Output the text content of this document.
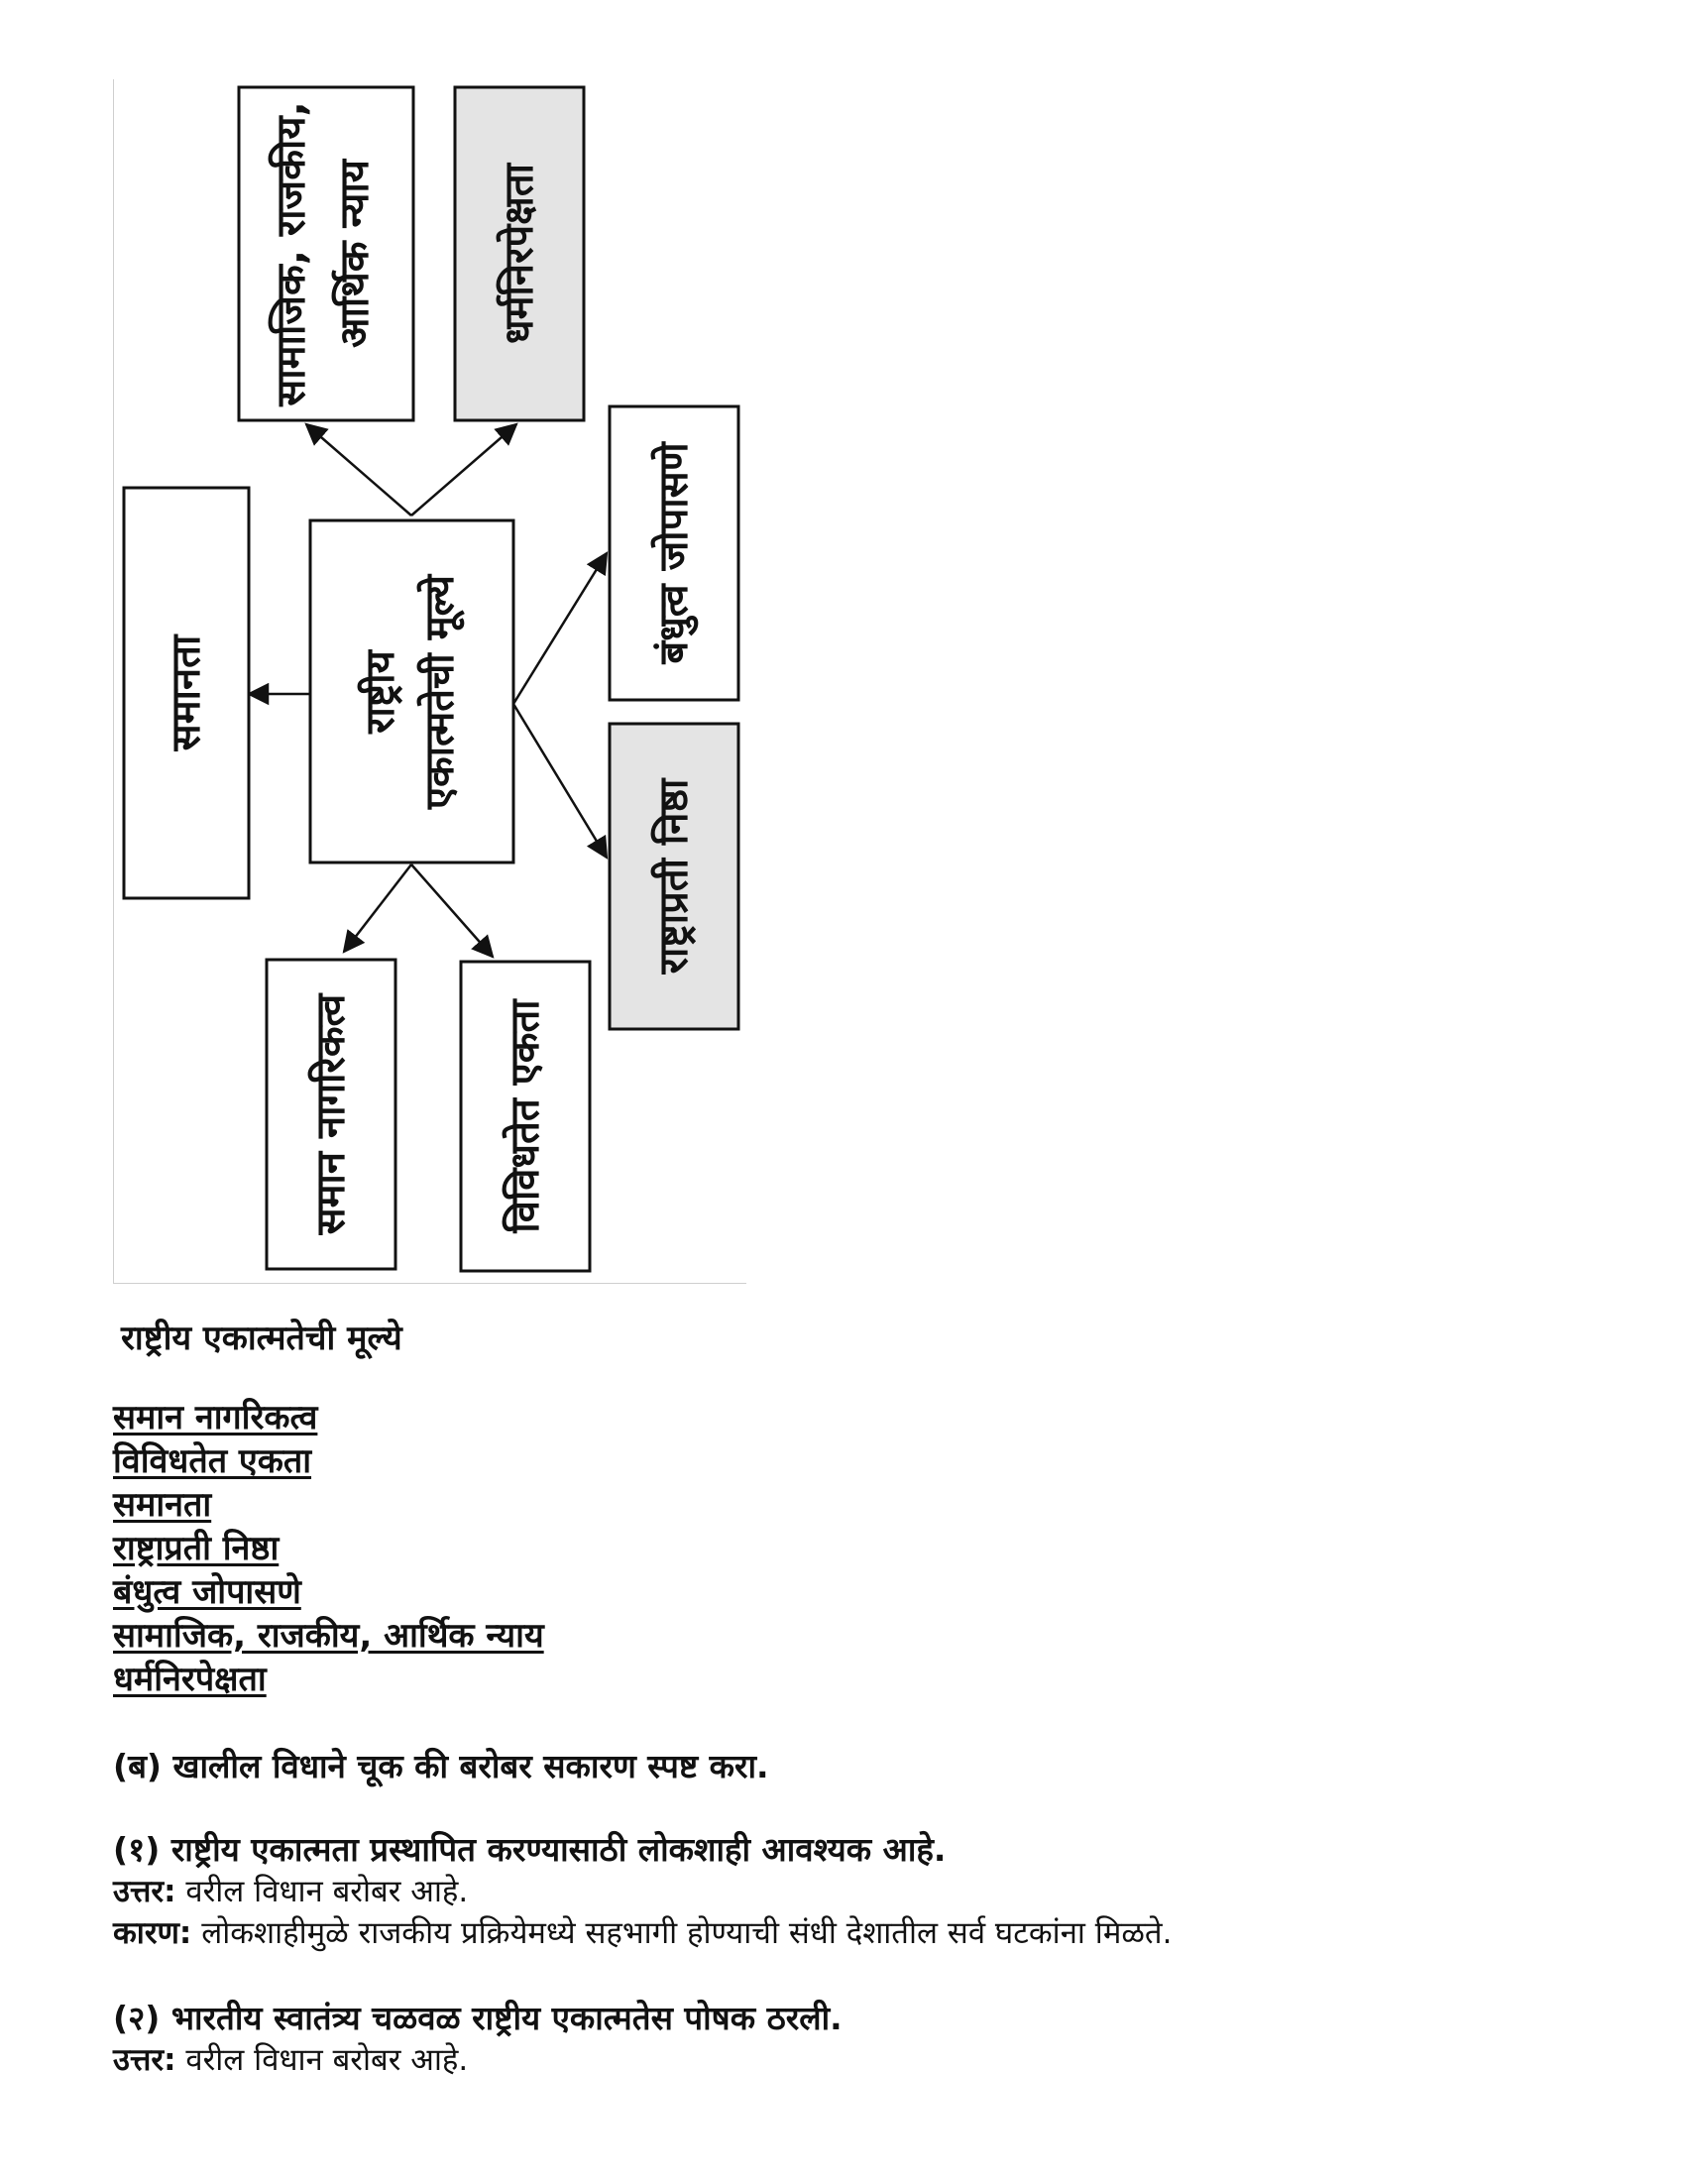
सामाजिक, राजकीय, आर्थिक न्याय	धर्मनिरपेक्षता
राष्ट्रीय एकात्मतेची मूल्ये
समानता
बंधुत्व जोपासणे
राष्ट्राप्रती निष्ठा
समान नागरिकत्व	विविधतेत एकता

राष्ट्रीय एकात्मतेची मूल्ये

समान नागरिकत्व
विविधतेत एकता
समानता
राष्ट्राप्रती निष्ठा
बंधुत्व जोपासणे
सामाजिक, राजकीय, आर्थिक न्याय
धर्मनिरपेक्षता

(ब) खालील विधाने चूक की बरोबर सकारण स्पष्ट करा.

(१) राष्ट्रीय एकात्मता प्रस्थापित करण्यासाठी लोकशाही आवश्यक आहे.

उत्तर: वरील विधान बरोबर आहे.

कारण: लोकशाहीमुळे राजकीय प्रक्रियेमध्ये सहभागी होण्याची संधी देशातील सर्व घटकांना मिळते.

(२) भारतीय स्वातंत्र्य चळवळ राष्ट्रीय एकात्मतेस पोषक ठरली.

उत्तर: वरील विधान बरोबर आहे.
